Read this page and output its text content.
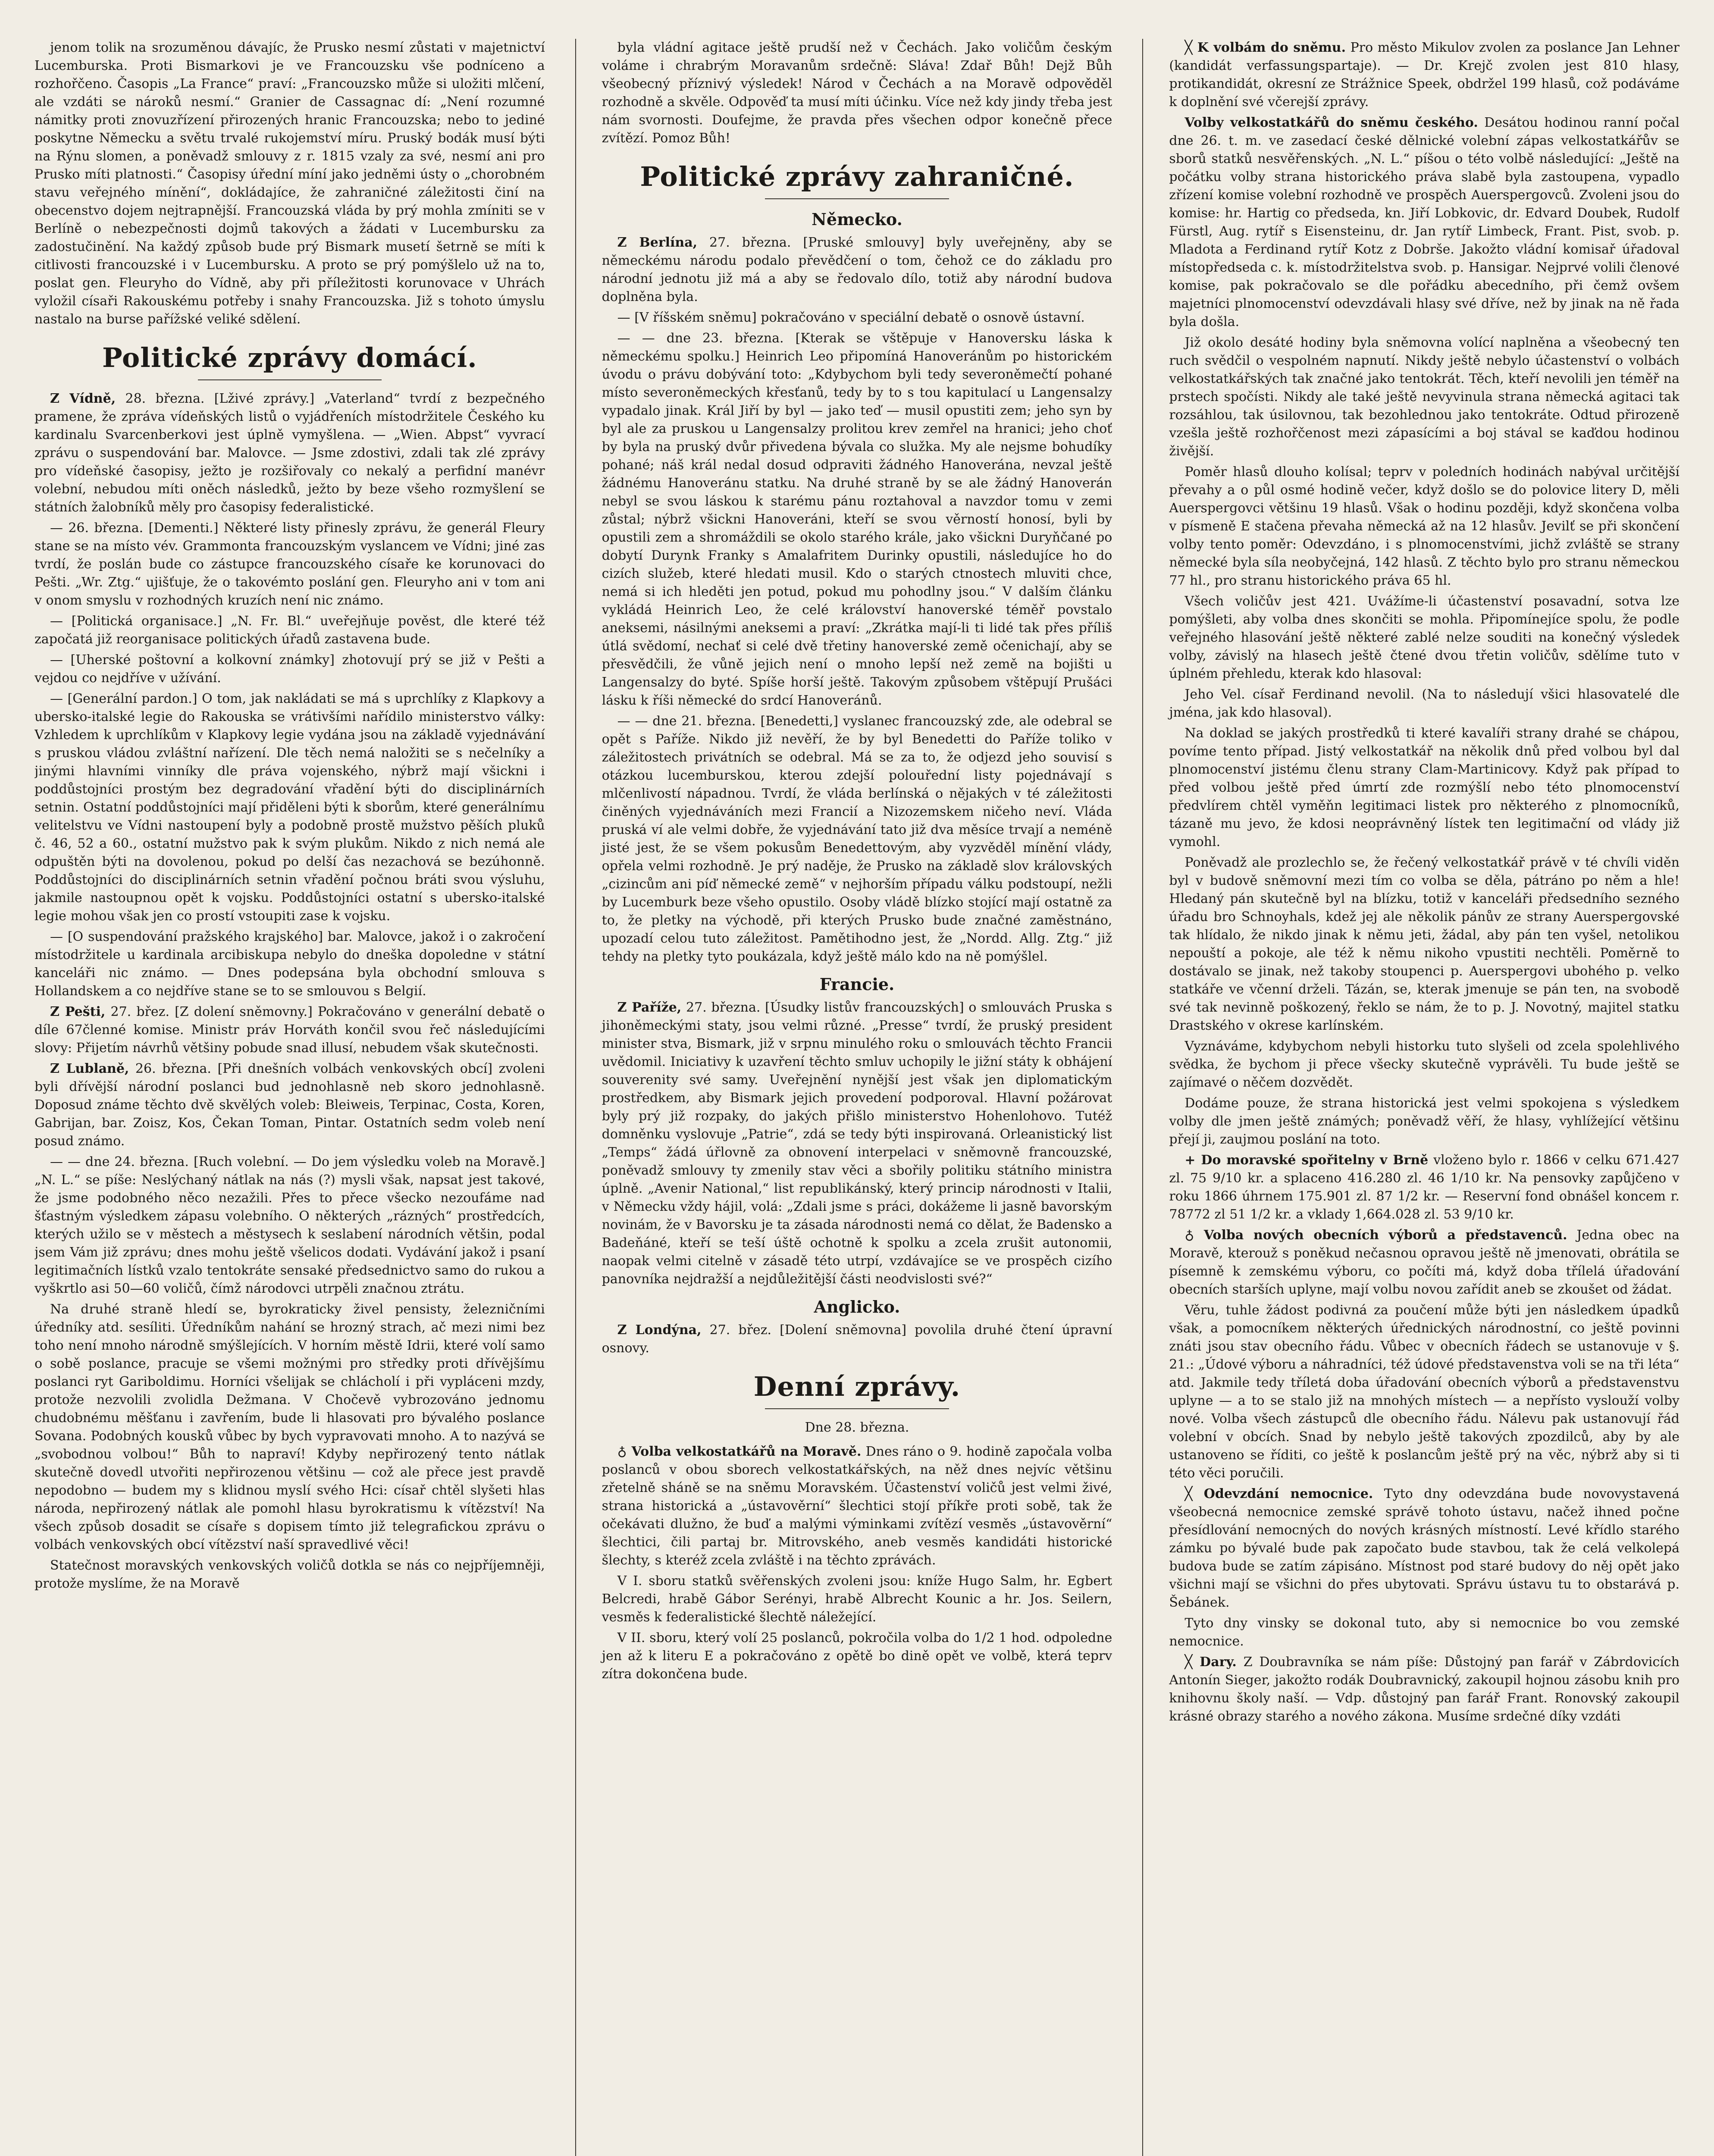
jenom tolik na srozuměnou dávajíc, že Prusko nesmí zůstati v majetnictví Lucemburska. Proti Bismarkovi je ve Francouzsku vše podníceno a rozhořčeno. Časopis „La France“ praví: „Francouzsko může si uložiti mlčení, ale vzdáti se nároků nesmí.“ Granier de Cassagnac dí: „Není rozumné námitky proti znovuzřízení přirozených hranic Francouzska; nebo to jediné poskytne Německu a světu trvalé rukojemství míru. Pruský bodák musí býti na Rýnu slomen, a poněvadž smlouvy z r. 1815 vzaly za své, nesmí ani pro Prusko míti platnosti.“ Časopisy úřední míní jako jedněmi ústy o „chorobném stavu veřejného mínění“, dokládajíce, že zahraničné záležitosti činí na obecenstvo dojem nejtrapnější. Francouzská vláda by prý mohla zmíniti se v Berlíně o nebezpečnosti dojmů takových a žádati v Lucembursku za zadostučinění. Na každý způsob bude prý Bismark musetí šetrně se míti k citlivosti francouzské i v Lucembursku. A proto se prý pomýšlelo už na to, poslat gen. Fleuryho do Vídně, aby při příležitosti korunovace v Uhrách vyložil císaři Rakouskému potřeby i snahy Francouzska. Již s tohoto úmyslu nastalo na burse pařížské veliké sdělení.

Politické zprávy domácí.

Z Vídně, 28. března. [Lživé zprávy.] „Vaterland“ tvrdí z bezpečného pramene, že zpráva vídeňských listů o vyjádřeních místodržitele Českého ku kardinalu Svarcenberkovi jest úplně vymyšlena. — „Wien. Abpst“ vyvrací zprávu o suspendování bar. Malovce. — Jsme zdostivi, zdali tak zlé zprávy pro vídeňské časopisy, ježto je rozšiřovaly co nekalý a perfidní manévr volební, nebudou míti oněch následků, ježto by beze všeho rozmyšlení se státních žalobníků měly pro časopisy federalistické.

— 26. března. [Dementi.] Některé listy přinesly zprávu, že generál Fleury stane se na místo vév. Grammonta francouzským vyslancem ve Vídni; jiné zas tvrdí, že poslán bude co zástupce francouzského císaře ke korunovaci do Pešti. „Wr. Ztg.“ ujišťuje, že o takovémto poslání gen. Fleuryho ani v tom ani v onom smyslu v rozhodných kruzích není nic známo.

— [Politická organisace.] „N. Fr. Bl.“ uveřejňuje pověst, dle které též započatá již reorganisace politických úřadů zastavena bude.

— [Uherské poštovní a kolkovní známky] zhotovují prý se již v Pešti a vejdou co nejdříve v užívání.

— [Generální pardon.] O tom, jak nakládati se má s uprchlíky z Klapkovy a ubersko-italské legie do Rakouska se vrátivšími nařídilo ministerstvo války: Vzhledem k uprchlíkům v Klapkovy legie vydána jsou na základě vyjednávání s pruskou vládou zvláštní nařízení. Dle těch nemá naložiti se s nečelníky a jinými hlavními vinníky dle práva vojenského, nýbrž mají všickni i poddůstojníci prostým bez degradování vřadění býti do disciplinárních setnin. Ostatní poddůstojníci mají přiděleni býti k sborům, které generálnímu velitelstvu ve Vídni nastoupení byly a podobně prostě mužstvo pěších pluků č. 46, 52 a 60., ostatní mužstvo pak k svým plukům. Nikdo z nich nemá ale odpuštěn býti na dovolenou, pokud po delší čas nezachová se bezúhonně. Poddůstojníci do disciplinárních setnin vřadění počnou bráti svou výsluhu, jakmile nastoupnou opět k vojsku. Poddůstojníci ostatní s ubersko-italské legie mohou však jen co prostí vstoupiti zase k vojsku.

— [O suspendování pražského krajského] bar. Malovce, jakož i o zakročení místodržitele u kardinala arcibiskupa nebylo do dneška dopoledne v státní kanceláři nic známo. — Dnes podepsána byla obchodní smlouva s Hollandskem a co nejdříve stane se to se smlouvou s Belgií.

Z Pešti, 27. břez. [Z dolení sněmovny.] Pokračováno v generální debatě o díle 67členné komise. Ministr práv Horváth končil svou řeč následujícími slovy: Přijetím návrhů většiny pobude snad illusí, nebudem však skutečnosti.

Z Lublaně, 26. března. [Při dnešních volbách venkovských obcí] zvoleni byli dřívější národní poslanci bud jednohlasně neb skoro jednohlasně. Doposud známe těchto dvě skvělých voleb: Bleiweis, Terpinac, Costa, Koren, Gabrijan, bar. Zoisz, Kos, Čekan Toman, Pintar. Ostatních sedm voleb není posud známo.

— — dne 24. března. [Ruch volební. — Do jem výsledku voleb na Moravě.] „N. L.“ se píše: Neslýchaný nátlak na nás (?) mysli však, napsat jest takové, že jsme podobného něco nezažili. Přes to přece všecko nezoufáme nad šťastným výsledkem zápasu volebního. O některých „rázných“ prostředcích, kterých užilo se v městech a městysech k seslabení národních většin, podal jsem Vám již zprávu; dnes mohu ještě všelicos dodati. Vydávání jakož i psaní legitimačních lístků vzalo tentokráte sensaké předsednictvo samo do rukou a vyškrtlo asi 50—60 voličů, čímž národovci utrpěli značnou ztrátu.

Na druhé straně hledí se, byrokraticky živel pensisty, železničními úředníky atd. sesíliti. Úředníkům nahání se hrozný strach, ač mezi nimi bez toho není mnoho národně smýšlejících. V horním městě Idrii, které volí samo o sobě poslance, pracuje se všemi možnými pro středky proti dřívějšímu poslanci ryt Gariboldimu. Horníci všelijak se chlácholí i při vypláceni mzdy, protože nezvolili zvolidla Dežmana. V Chočevě vybrozováno jednomu chudobnému měšťanu i zavřením, bude li hlasovati pro bývalého poslance Sovana. Podobných kousků vůbec by bych vypravovati mnoho. A to nazývá se „svobodnou volbou!“ Bůh to napraví! Kdyby nepřirozený tento nátlak skutečně dovedl utvořiti nepřirozenou většinu — což ale přece jest pravdě nepodobno — budem my s klidnou myslí svého Hci: císař chtěl slyšeti hlas národa, nepřirozený nátlak ale pomohl hlasu byrokratismu k vítězství! Na všech způsob dosadit se císaře s dopisem tímto již telegrafickou zprávu o volbách venkovských obcí vítězství naší spravedlivé věci!

Statečnost moravských venkovských voličů dotkla se nás co nejpříjemněji, protože myslíme, že na Moravě

byla vládní agitace ještě prudší než v Čechách. Jako voličům českým voláme i chrabrým Moravanům srdečně: Sláva! Zdař Bůh! Dejž Bůh všeobecný příznivý výsledek! Národ v Čechách a na Moravě odpověděl rozhodně a skvěle. Odpověď ta musí míti účinku. Více než kdy jindy třeba jest nám svornosti. Doufejme, že pravda přes všechen odpor konečně přece zvítězí. Pomoz Bůh!

Politické zprávy zahraničné.
Německo.

Z Berlína, 27. března. [Pruské smlouvy] byly uveřejněny, aby se německému národu podalo převědčení o tom, čehož ce do základu pro národní jednotu již má a aby se ředovalo dílo, totiž aby národní budova doplněna byla.

— [V říšském sněmu] pokračováno v speciální debatě o osnově ústavní.

— — dne 23. března. [Kterak se vštěpuje v Hanoversku láska k německému spolku.] Heinrich Leo připomíná Hanoveránům po historickém úvodu o právu dobývání toto: „Kdybychom byli tedy severoněmečtí pohané místo severoněmeckých křesťanů, tedy by to s tou kapitulací u Langensalzy vypadalo jinak. Král Jiří by byl — jako teď — musil opustiti zem; jeho syn by byl ale za pruskou u Langensalzy prolitou krev zemřel na hranici; jeho choť by byla na pruský dvůr přivedena bývala co služka. My ale nejsme bohudíky pohané; náš král nedal dosud odpraviti žádného Hanoverána, nevzal ještě žádnému Hanoveránu statku. Na druhé straně by se ale žádný Hanoverán nebyl se svou láskou k starému pánu roztahoval a navzdor tomu v zemi zůstal; nýbrž všickni Hanoveráni, kteří se svou věrností honosí, byli by opustili zem a shromáždili se okolo starého krále, jako všickni Duryňčané po dobytí Durynk Franky s Amalafritem Durinky opustili, následujíce ho do cizích služeb, které hledati musil. Kdo o starých ctnostech mluviti chce, nemá si ich hleděti jen potud, pokud mu pohodlny jsou.“ V dalším článku vykládá Heinrich Leo, že celé království hanoverské téměř povstalo aneksemi, násilnými aneksemi a praví: „Zkrátka mají-li ti lidé tak přes příliš útlá svědomí, nechať si celé dvě třetiny hanoverské země očenichají, aby se přesvědčili, že vůně jejich není o mnoho lepší než země na bojišti u Langensalzy do byté. Spíše horší ještě. Takovým způsobem vštěpují Prušáci lásku k říši německé do srdcí Hanoveránů.

— — dne 21. března. [Benedetti,] vyslanec francouzský zde, ale odebral se opět s Paříže. Nikdo již nevěří, že by byl Benedetti do Paříže toliko v záležitostech privátních se odebral. Má se za to, že odjezd jeho souvisí s otázkou lucemburskou, kterou zdejší polouřední listy pojednávají s mlčenlivostí nápadnou. Tvrdí, že vláda berlínská o nějakých v té záležitosti činěných vyjednáváních mezi Francií a Nizozemskem ničeho neví. Vláda pruská ví ale velmi dobře, že vyjednávání tato již dva měsíce trvají a neméně jisté jest, že se všem pokusům Benedettovým, aby vyzvěděl mínění vlády, opřela velmi rozhodně. Je prý naděje, že Prusko na základě slov královských „cizincům ani píď německé země“ v nejhorším případu válku podstoupí, nežli by Lucemburk beze všeho opustilo. Osoby vládě blízko stojící mají ostatně za to, že pletky na východě, při kterých Prusko bude značné zaměstnáno, upozadí celou tuto záležitost. Pamětihodno jest, že „Nordd. Allg. Ztg.“ již tehdy na pletky tyto poukázala, když ještě málo kdo na ně pomýšlel.

Francie.

Z Paříže, 27. března. [Úsudky listův francouzských] o smlouvách Pruska s jihoněmeckými staty, jsou velmi různé. „Presse“ tvrdí, že pruský president minister stva, Bismark, již v srpnu minulého roku o smlouvách těchto Francii uvědomil. Iniciativy k uzavření těchto smluv uchopily le jižní státy k obhájení souverenity své samy. Uveřejnění nynější jest však jen diplomatickým prostředkem, aby Bismark jejich provedení podporoval. Hlavní požárovat byly prý již rozpaky, do jakých přišlo ministerstvo Hohenlohovo. Tutéž domněnku vyslovuje „Patrie“, zdá se tedy býti inspirovaná. Orleanistický list „Temps“ žádá úřlovně za obnovení interpelaci v sněmovně francouzské, poněvadž smlouvy ty zmenily stav věci a sbořily politiku státního ministra úplně. „Avenir National,“ list republikánský, který princip národnosti v Italii, v Německu vždy hájil, volá: „Zdali jsme s práci, dokážeme li jasně bavorským novinám, že v Bavorsku je ta zásada národnosti nemá co dělat, že Badensko a Badeňáné, kteří se teší úště ochotně k spolku a zcela zrušit autonomii, naopak velmi citelně v zásadě této utrpí, vzdávajíce se ve prospěch cizího panovníka nejdražší a nejdůležitější části neodvislosti své?“

Anglicko.

Z Londýna, 27. břez. [Dolení sněmovna] povolila druhé čtení úpravní osnovy.

Denní zprávy.
Dne 28. března.

♁ Volba velkostatkářů na Moravě. Dnes ráno o 9. hodině započala volba poslanců v obou sborech velkostatkářských, na něž dnes nejvíc většinu zřetelně sháně se na sněmu Moravském. Účastenství voličů jest velmi živé, strana historická a „ústavověrní“ šlechtici stojí příkře proti sobě, tak že očekávati dlužno, že buď a malými výminkami zvítězí vesměs „ústavověrní“ šlechtici, čili partaj br. Mitrovského, aneb vesměs kandidáti historické šlechty, s kteréž zcela zvláště i na těchto zprávách.

V I. sboru statků svěřenských zvoleni jsou: kníže Hugo Salm, hr. Egbert Belcredi, hrabě Gábor Serényi, hrabě Albrecht Kounic a hr. Jos. Seilern, vesměs k federalistické šlechtě náležející.

V II. sboru, který volí 25 poslanců, pokročila volba do 1/2 1 hod. odpoledne jen až k literu E a pokračováno z opětě bo dině opět ve volbě, která teprv zítra dokončena bude.

╳ K volbám do sněmu. Pro město Mikulov zvolen za poslance Jan Lehner (kandidát verfassungspartaje). — Dr. Krejč zvolen jest 810 hlasy, protikandidát, okresní ze Strážnice Speek, obdržel 199 hlasů, což podáváme k doplnění své včerejší zprávy.

Volby velkostatkářů do sněmu českého. Desátou hodinou ranní počal dne 26. t. m. ve zasedací české dělnické volební zápas velkostatkářův se sborů statků nesvěřenských. „N. L.“ píšou o této volbě následující: „Ještě na počátku volby strana historického práva slabě byla zastoupena, vypadlo zřízení komise volební rozhodně ve prospěch Auerspergovců. Zvoleni jsou do komise: hr. Hartig co předseda, kn. Jiří Lobkovic, dr. Edvard Doubek, Rudolf Fürstl, Aug. rytíř s Eisensteinu, dr. Jan rytíř Limbeck, Frant. Pist, svob. p. Mladota a Ferdinand rytíř Kotz z Dobrše. Jakožto vládní komisař úřadoval místopředseda c. k. místodržitelstva svob. p. Hansigar. Nejprvé volili členové komise, pak pokračovalo se dle pořádku abecedního, při čemž ovšem majetníci plnomocenství odevzdávali hlasy své dříve, než by jinak na ně řada byla došla.

Již okolo desáté hodiny byla sněmovna volící naplněna a všeobecný ten ruch svědčil o vespolném napnutí. Nikdy ještě nebylo účastenství o volbách velkostatkářských tak značné jako tentokrát. Těch, kteří nevolili jen téměř na prstech spočísti. Nikdy ale také ještě nevyvinula strana německá agitaci tak rozsáhlou, tak úsilovnou, tak bezohlednou jako tentokráte. Odtud přirozeně vzešla ještě rozhořčenost mezi zápasícími a boj stával se kaďdou hodinou živější.

Poměr hlasů dlouho kolísal; teprv v poledních hodinách nabýval určitější převahy a o půl osmé hodině večer, když došlo se do polovice litery D, měli Auerspergovci většinu 19 hlasů. Však o hodinu později, když skončena volba v písmeně E stačena převaha německá až na 12 hlasův. Jevilť se při skončení volby tento poměr: Odevzdáno, i s plnomocenstvími, jichž zvláště se strany německé byla síla neobyčejná, 142 hlasů. Z těchto bylo pro stranu německou 77 hl., pro stranu historického práva 65 hl.

Všech voličův jest 421. Uvážíme-li účastenství posavadní, sotva lze pomýšleti, aby volba dnes skončiti se mohla. Připomínejíce spolu, že podle veřejného hlasování ještě některé zablé nelze souditi na konečný výsledek volby, závislý na hlasech ještě čtené dvou třetin voličův, sdělíme tuto v úplném přehledu, kterak kdo hlasoval:

Jeho Vel. císař Ferdinand nevolil. (Na to následují všici hlasovatelé dle jména, jak kdo hlasoval).

Na doklad se jakých prostředků ti které kavalíři strany drahé se chápou, povíme tento případ. Jistý velkostatkář na několik dnů před volbou byl dal plnomocenství jistému členu strany Clam-Martinicovy. Když pak případ to před volbou ještě před úmrtí zde rozmýšlí nebo této plnomocenství předvlírem chtěl vyměňn legitimaci listek pro některého z plnomocníků, tázaně mu jevo, že kdosi neoprávněný lístek ten legitimační od vlády již vymohl.

Poněvadž ale prozlechlo se, že řečený velkostatkář právě v té chvíli viděn byl v budově sněmovní mezi tím co volba se děla, pátráno po něm a hle! Hledaný pán skutečně byl na blízku, totiž v kanceláři předsedního sezného úřadu bro Schnoyhals, kdež jej ale několik pánův ze strany Auerspergovské tak hlídalo, že nikdo jinak k němu jeti, žádal, aby pán ten vyšel, netolikou nepouští a pokoje, ale též k němu nikoho vpustiti nechtěli. Poměrně to dostávalo se jinak, než takoby stoupenci p. Auerspergovi ubohého p. velko statkáře ve včenní drželi. Tázán, se, kterak jmenuje se pán ten, na svobodě své tak nevinně poškozený, řeklo se nám, že to p. J. Novotný, majitel statku Drastského v okrese karlínském.

Vyznáváme, kdybychom nebyli historku tuto slyšeli od zcela spolehlivého svědka, že bychom ji přece všecky skutečně vyprávěli. Tu bude ještě se zajímavé o něčem dozvědět.

Dodáme pouze, že strana historická jest velmi spokojena s výsledkem volby dle jmen ještě známých; poněvadž věří, že hlasy, vyhlížející většinu přejí ji, zaujmou poslání na toto.

+ Do moravské spořitelny v Brně vloženo bylo r. 1866 v celku 671.427 zl. 75 9/10 kr. a splaceno 416.280 zl. 46 1/10 kr. Na pensovky zapůjčeno v roku 1866 úhrnem 175.901 zl. 87 1/2 kr. — Reservní fond obnášel koncem r. 78772 zl 51 1/2 kr. a vklady 1,664.028 zl. 53 9/10 kr.

♁ Volba nových obecních výborů a představenců. Jedna obec na Moravě, kterouž s poněkud nečasnou opravou ještě ně jmenovati, obrátila se písemně k zemskému výboru, co počíti má, když doba třílelá úřadování obecních starších uplyne, mají volbu novou zařídit aneb se zkoušet od žádat.

Věru, tuhle žádost podivná za poučení může býti jen následkem úpadků však, a pomocníkem některých úřednických národnostní, co ještě povinni znáti jsou stav obecního řádu. Vůbec v obecních řádech se ustanovuje v §. 21.: „Údové výboru a náhradníci, též údové představenstva voli se na tři léta“ atd. Jakmile tedy tříletá doba úřadování obecních výborů a představenstvu uplyne — a to se stalo již na mnohých místech — a nepřísto vyslouží volby nové. Volba všech zástupců dle obecního řádu. Nálevu pak ustanovují řád volební v obcích. Snad by nebylo ještě takových zpozdilců, aby by ale ustanoveno se říditi, co ještě k poslancům ještě prý na věc, nýbrž aby si ti této věci poručili.

╳ Odevzdání nemocnice. Tyto dny odevzdána bude novovystavená všeobecná nemocnice zemské správě tohoto ústavu, načež ihned počne přesídlování nemocných do nových krásných místností. Levé křídlo starého zámku po bývalé bude pak započato bude stavbou, tak že celá velkolepá budova bude se zatím zápisáno. Místnost pod staré budovy do něj opět jako všichni mají se všichni do přes ubytovati. Správu ústavu tu to obstarává p. Šebánek.

Tyto dny vinsky se dokonal tuto, aby si nemocnice bo vou zemské nemocnice.

╳ Dary. Z Doubravníka se nám píše: Důstojný pan farář v Zábrdovicích Antonín Sieger, jakožto rodák Doubravnický, zakoupil hojnou zásobu knih pro knihovnu školy naší. — Vdp. důstojný pan farář Frant. Ronovský zakoupil krásné obrazy starého a nového zákona. Musíme srdečné díky vzdáti
